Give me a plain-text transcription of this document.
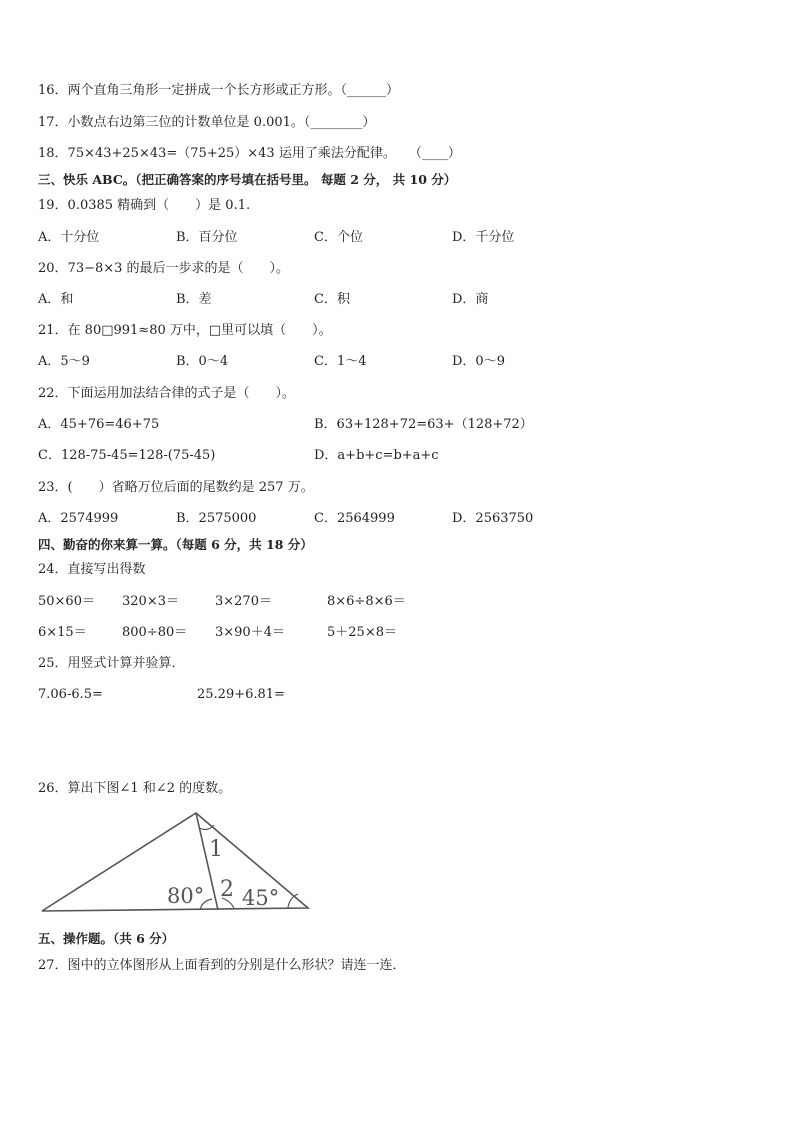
16．两个直角三角形一定拼成一个长方形或正方形。（______）
17．小数点右边第三位的计数单位是 0.001。（________）
18．75×43+25×43=（75+25）×43 运用了乘法分配律。　　（____）
三、快乐 ABC。（把正确答案的序号填在括号里。 每题 2 分， 共 10 分）
19．0.0385 精确到（　　）是 0.1.
A．十分位	B．百分位	C．个位	D．千分位
20．73−8×3 的最后一步求的是（　　）。
A．和	B．差	C．积	D．商
21．在 80□991≈80 万中，□里可以填（　　）。
A．5～9	B．0～4	C．1～4	D．0～9
22．下面运用加法结合律的式子是（　　）。
A．45+76=46+75	B．63+128+72=63+（128+72）
C．128-75-45=128-(75-45)	D．a+b+c=b+a+c
23．(　　）省略万位后面的尾数约是 257 万。
A．2574999	B．2575000	C．2564999	D．2563750
四、勤奋的你来算一算。（每题 6 分，共 18 分）
24．直接写出得数
50×60＝ 320×3＝	3×270＝	8×6÷8×6＝
6×15＝	800÷80＝ 3×90＋4＝	5＋25×8＝
25．用竖式计算并验算．
7.06-6.5=	25.29+6.81=
26．算出下图∠1 和∠2 的度数。
1
80° 2 45°
五、操作题。（共 6 分）
27．图中的立体图形从上面看到的分别是什么形状？请连一连．
